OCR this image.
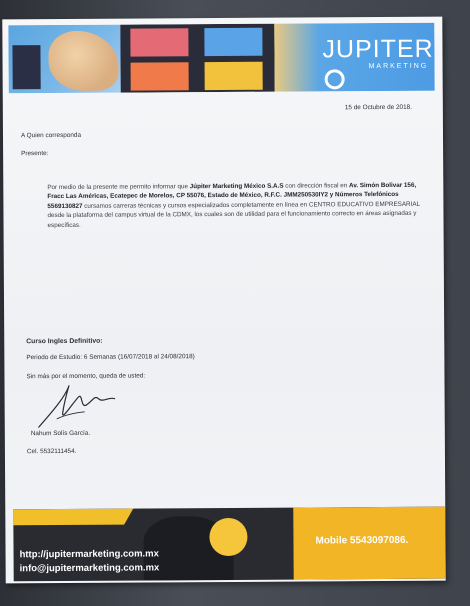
JUPITER
MARKETING
15 de Octubre de 2018.
A Quien corresponda
Presente:
Por medio de la presente me permito informar que Júpiter Marketing México S.A.S con dirección fiscal en Av. Simón Bolivar 156, Fracc Las Américas, Ecatepec de Morelos, CP 55076, Estado de México, R.F.C. JMM250530IY2 y Números Telefónicos 5569130827 cursamos carreras técnicas y cursos especializados completamente en línea en CENTRO EDUCATIVO EMPRESARIAL desde la plataforma del campus virtual de la CDMX, los cuales son de utilidad para el funcionamiento correcto en áreas asignadas y específicas.
Curso Ingles Definitivo:
Periodo de Estudio: 6 Semanas (16/07/2018 al 24/08/2018)
Sin más por el momento, queda de usted:
Nahum Solís García.
Cel. 5532111454.
http://jupitermarketing.com.mx
info@jupitermarketing.com.mx
Mobile 5543097086.
